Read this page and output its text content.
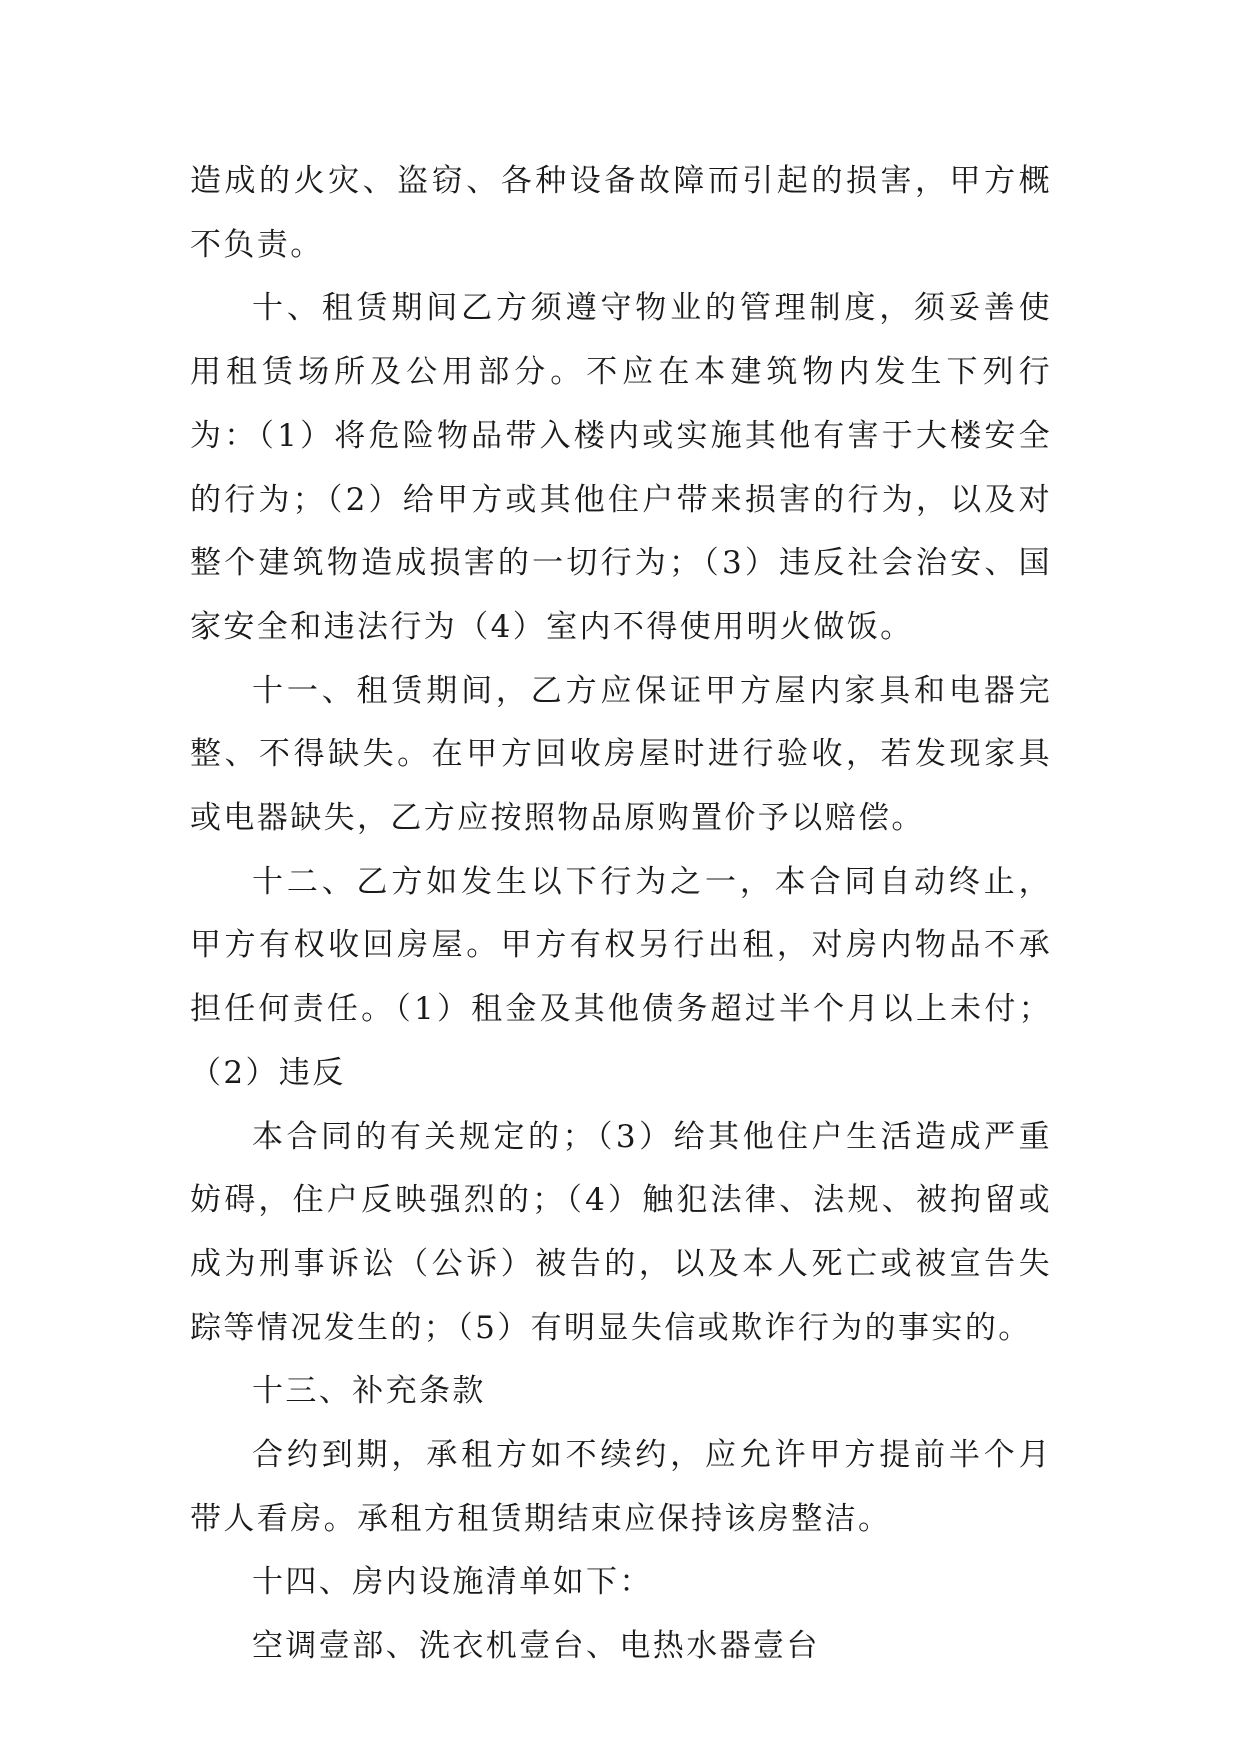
造成的火灾、盗窃、各种设备故障而引起的损害，甲方概不负责。

十、租赁期间乙方须遵守物业的管理制度，须妥善使用租赁场所及公用部分。不应在本建筑物内发生下列行为：（1）将危险物品带入楼内或实施其他有害于大楼安全的行为；（2）给甲方或其他住户带来损害的行为，以及对整个建筑物造成损害的一切行为；（3）违反社会治安、国家安全和违法行为（4）室内不得使用明火做饭。

十一、租赁期间，乙方应保证甲方屋内家具和电器完整、不得缺失。在甲方回收房屋时进行验收，若发现家具或电器缺失，乙方应按照物品原购置价予以赔偿。

十二、乙方如发生以下行为之一，本合同自动终止，甲方有权收回房屋。甲方有权另行出租，对房内物品不承担任何责任。（1）租金及其他债务超过半个月以上未付；（2）违反

本合同的有关规定的；（3）给其他住户生活造成严重妨碍，住户反映强烈的；（4）触犯法律、法规、被拘留或成为刑事诉讼（公诉）被告的，以及本人死亡或被宣告失踪等情况发生的；（5）有明显失信或欺诈行为的事实的。

十三、补充条款

合约到期，承租方如不续约，应允许甲方提前半个月带人看房。承租方租赁期结束应保持该房整洁。

十四、房内设施清单如下：

空调壹部、洗衣机壹台、电热水器壹台
